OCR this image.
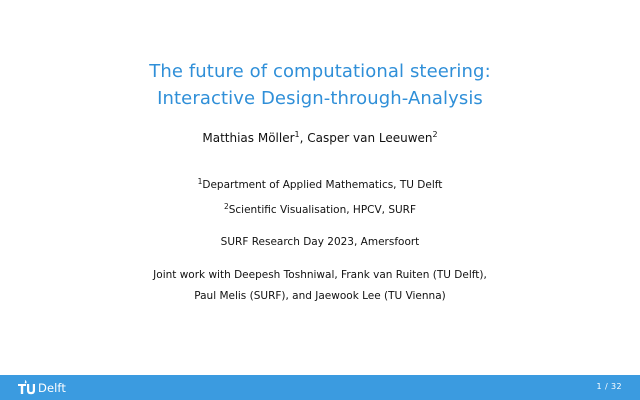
The future of computational steering:
Interactive Design-through-Analysis
Matthias Möller$^1$, Casper van Leeuwen$^2$
$^1$Department of Applied Mathematics, TU Delft
$^2$Scientific Visualisation, HPCV, SURF
SURF Research Day 2023, Amersfoort
Joint work with Deepesh Toshniwal, Frank van Ruiten (TU Delft),
Paul Melis (SURF), and Jaewook Lee (TU Vienna)
Delft	1 / 32
